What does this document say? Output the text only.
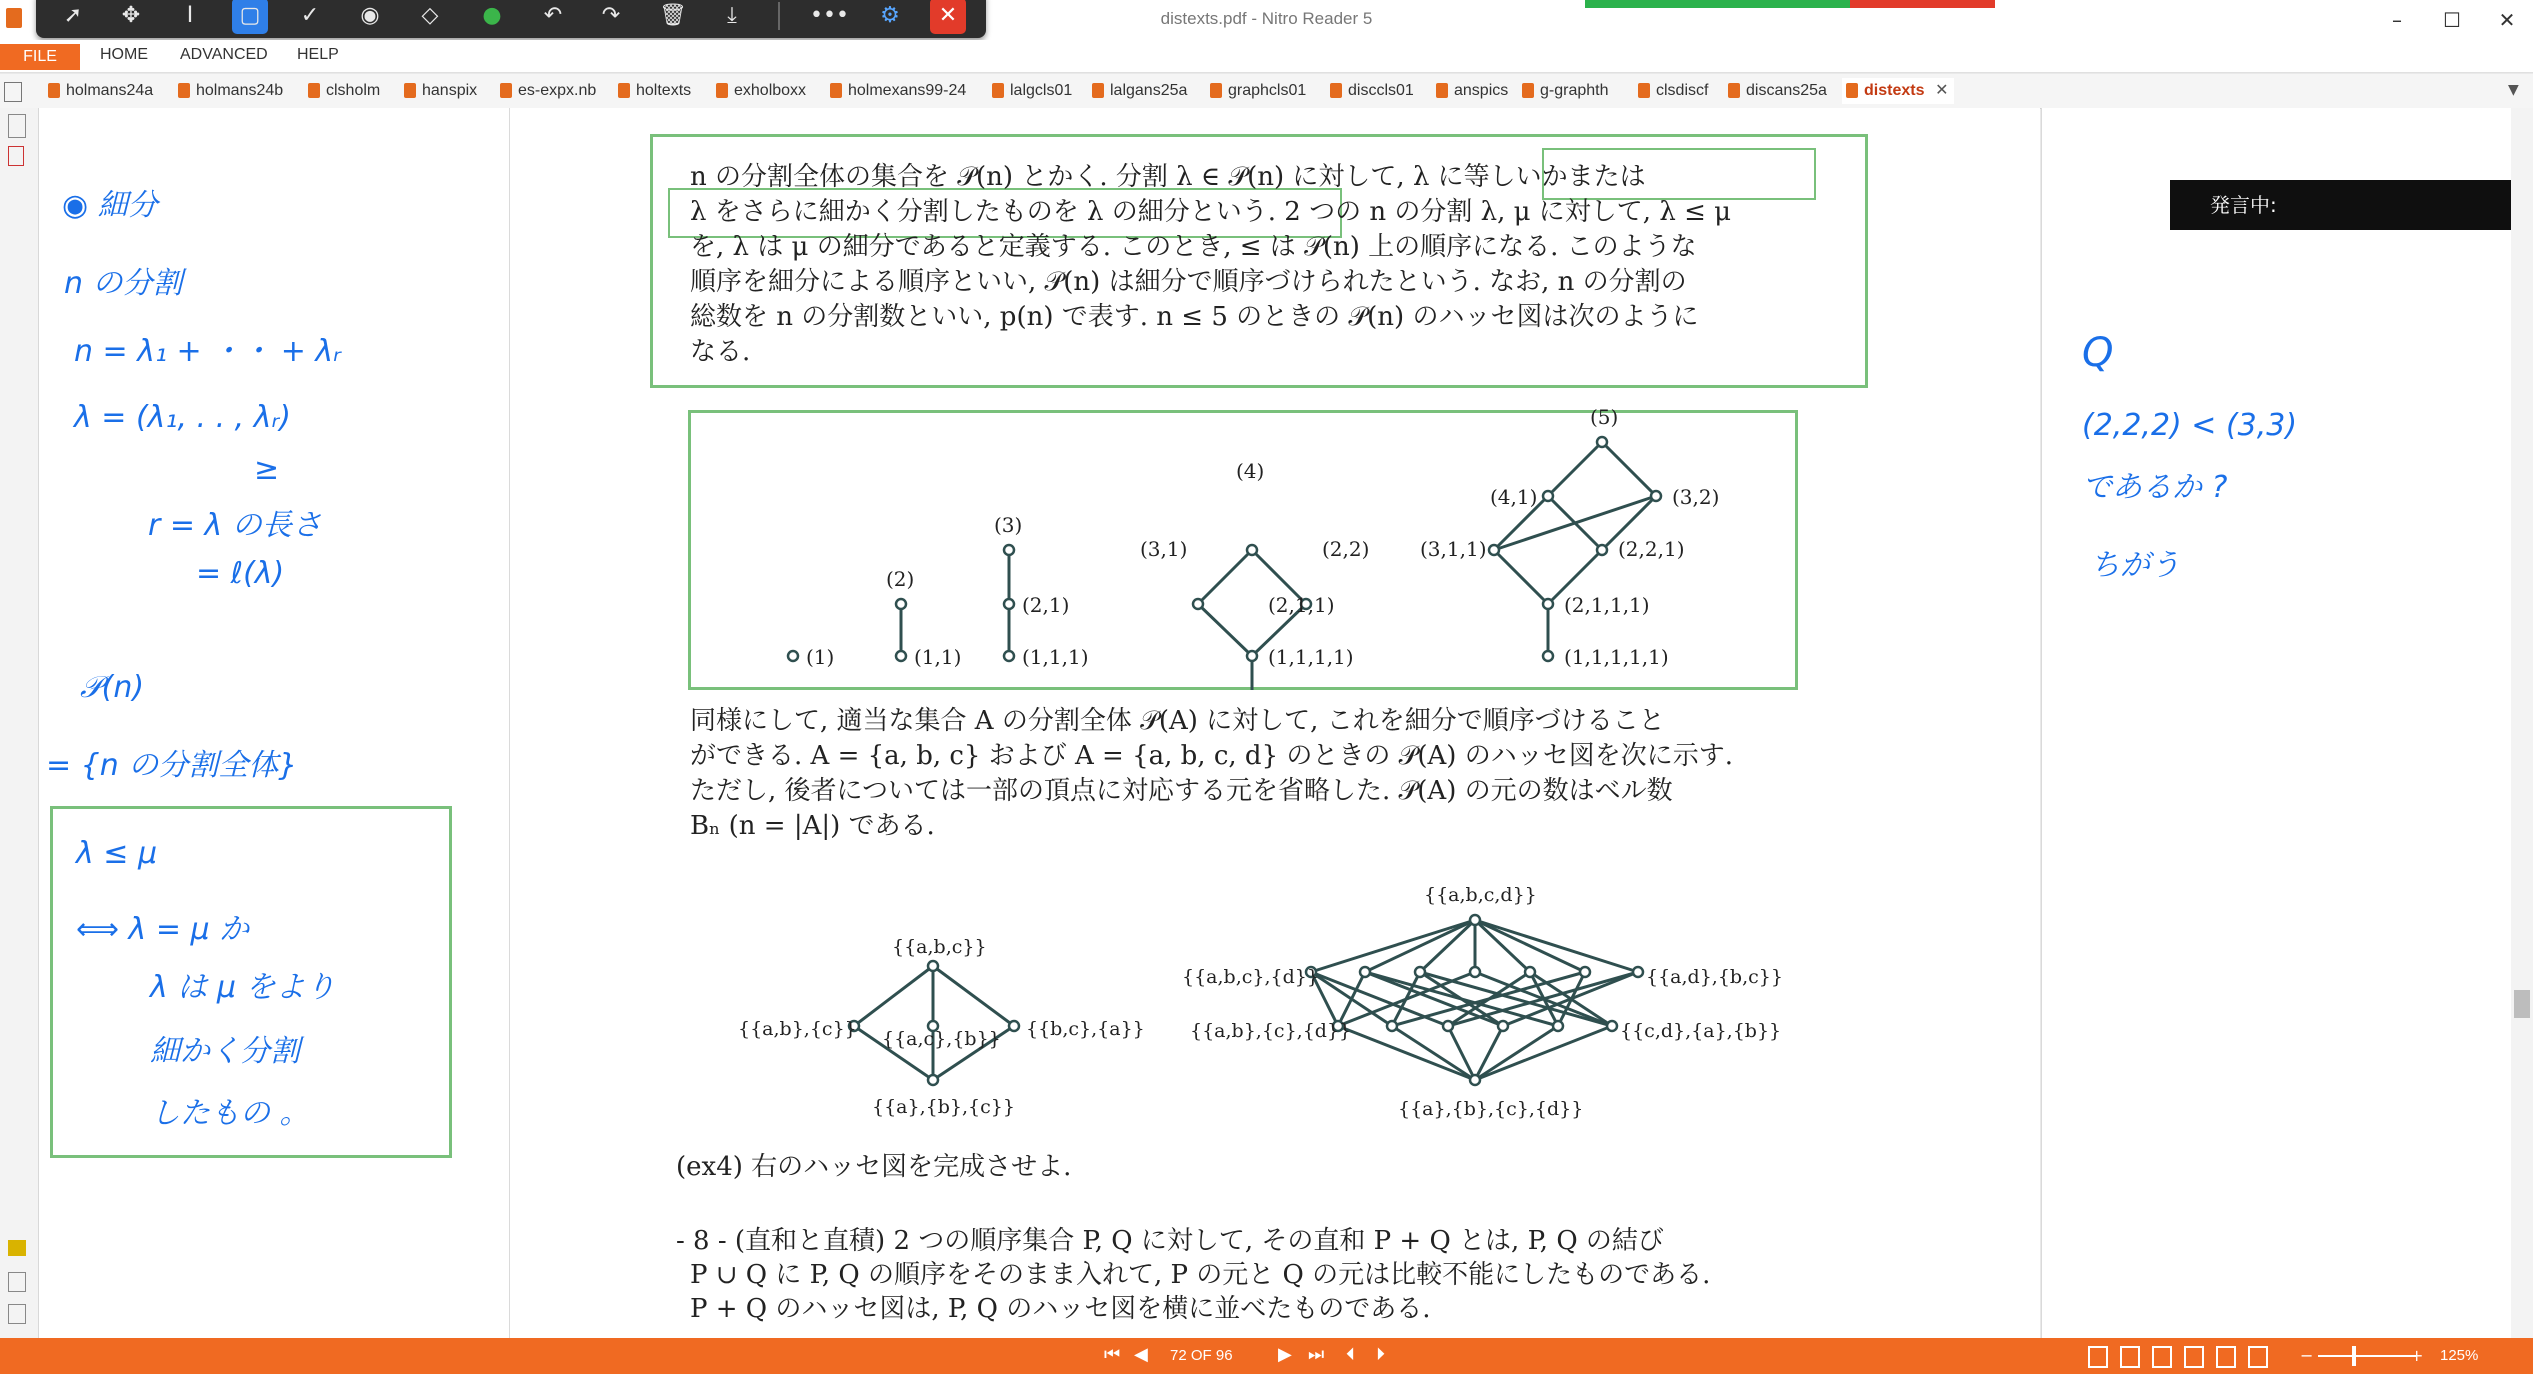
distexts.pdf - Nitro Reader 5	–	☐	✕
➚	✥	I	▢	◉
✓	◇	●	↶	↷	🗑	⤓	•••	⚙	✕
FILE	HOME ADVANCED HELP
holmans24a	holmans24b	clsholm	hanspix	es-expx.nb	holtexts	exholboxx	holmexans99-24	lalgcls01	lalgans25a	graphcls01	disccls01	anspics	g-graphth	clsdiscf	discans25a	distexts ✕	▼
◉ 細分
n の分割
n = λ₁ + ・・ + λᵣ
λ = (λ₁, . . , λᵣ)
≥
r = λ の長さ
= ℓ(λ)
𝒫(n)
= {n の分割全体}
λ ≤ μ
⟺ λ = μ か
λ は μ をより
細かく分割
したもの 。
n の分割全体の集合を 𝒫(n) とかく. 分割 λ ∈ 𝒫(n) に対して, λ に等しいかまたは
λ をさらに細かく分割したものを λ の細分という. 2 つの n の分割 λ, μ に対して, λ ≤ μ
を, λ は μ の細分であると定義する. このとき, ≤ は 𝒫(n) 上の順序になる. このような
順序を細分による順序といい, 𝒫(n) は細分で順序づけられたという. なお, n の分割の
総数を n の分割数といい, p(n) で表す. n ≤ 5 のときの 𝒫(n) のハッセ図は次のように
なる.
(1)
(2)
(1,1)
(3)
(2,1)
(1,1,1)
(4)
(3,1)	(2,2)
(2,1,1)
(1,1,1,1)
(5)
(4,1)	(3,2)
(3,1,1)	(2,2,1)
(2,1,1,1)
(1,1,1,1,1)
同様にして, 適当な集合 A の分割全体 𝒫(A) に対して, これを細分で順序づけること
ができる. A = {a, b, c} および A = {a, b, c, d} のときの 𝒫(A) のハッセ図を次に示す.
ただし, 後者については一部の頂点に対応する元を省略した. 𝒫(A) の元の数はベル数
Bₙ (n = |A|) である.
{{a,b,c}}
{{a,b},{c}} {{a,c},{b}} {{b,c},{a}}
{{a},{b},{c}}
{{a,b,c,d}}
{{a,b,c},{d}}	{{a,d},{b,c}}
{{a,b},{c},{d}}	{{c,d},{a},{b}}
{{a},{b},{c},{d}}
(ex4) 右のハッセ図を完成させよ.
- 8 - (直和と直積) 2 つの順序集合 P, Q に対して, その直和 P + Q とは, P, Q の結び
P ∪ Q に P, Q の順序をそのまま入れて, P の元と Q の元は比較不能にしたものである.
P + Q のハッセ図は, P, Q のハッセ図を横に並べたものである.
発言中:
Q
(2,2,2) < (3,3)
であるか ?
ちがう
⏮ ◀ 72 OF 96	▶ ⏭ ⏴ ⏵	−	+ 125%
